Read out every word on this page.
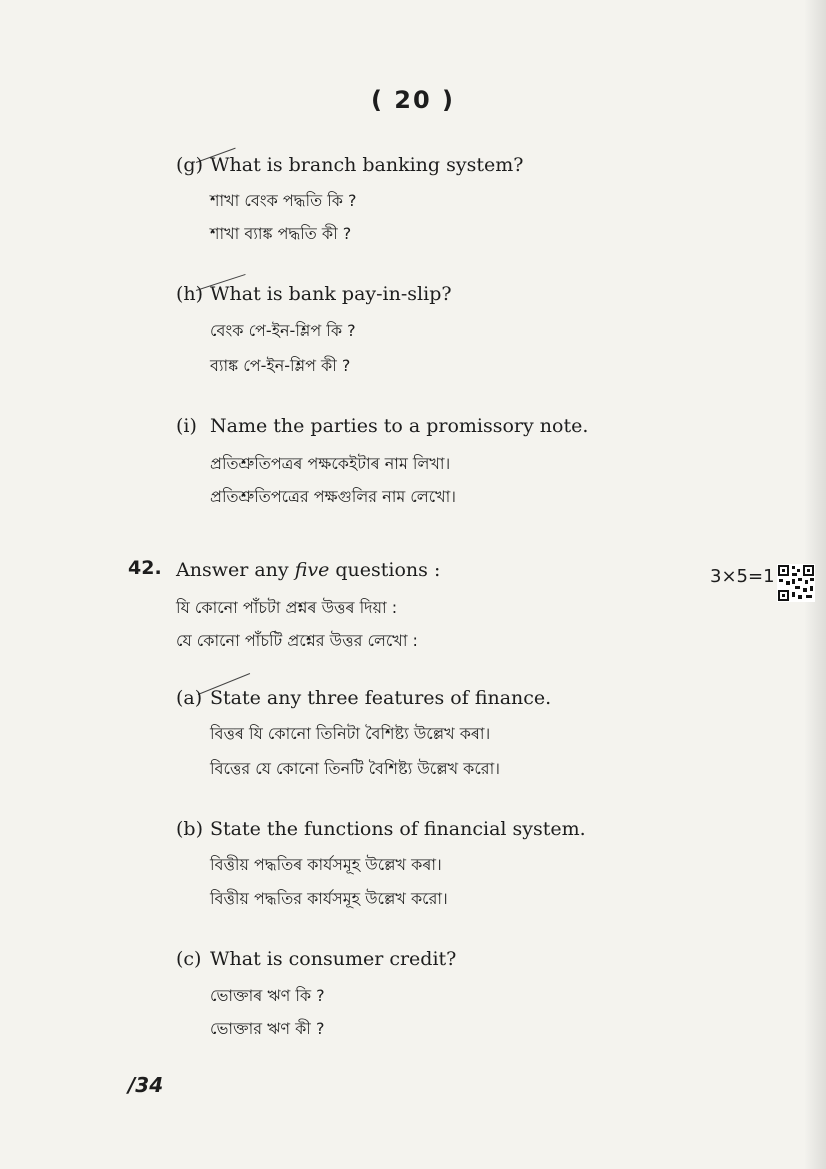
( 20 )
(g) What is branch banking system?
শাখা বেংক পদ্ধতি কি ?
শাখা ব্যাঙ্ক পদ্ধতি কী ?
(h) What is bank pay-in-slip?
বেংক পে-ইন-শ্লিপ কি ?
ব্যাঙ্ক পে-ইন-শ্লিপ কী ?
(i) Name the parties to a promissory note.
প্ৰতিশ্ৰুতিপত্ৰৰ পক্ষকেইটাৰ নাম লিখা।
প্রতিশ্রুতিপত্রের পক্ষগুলির নাম লেখো।
42. Answer any five questions :	3×5=1
যি কোনো পাঁচটা প্ৰশ্নৰ উত্তৰ দিয়া :
যে কোনো পাঁচটি প্রশ্নের উত্তর লেখো :
(a) State any three features of finance.
বিত্তৰ যি কোনো তিনিটা বৈশিষ্ট্য উল্লেখ কৰা।
বিত্তের যে কোনো তিনটি বৈশিষ্ট্য উল্লেখ করো।
(b) State the functions of financial system.
বিত্তীয় পদ্ধতিৰ কাৰ্যসমূহ উল্লেখ কৰা।
বিত্তীয় পদ্ধতির কার্যসমূহ উল্লেখ করো।
(c) What is consumer credit?
ভোক্তাৰ ঋণ কি ?
ভোক্তার ঋণ কী ?
/34
